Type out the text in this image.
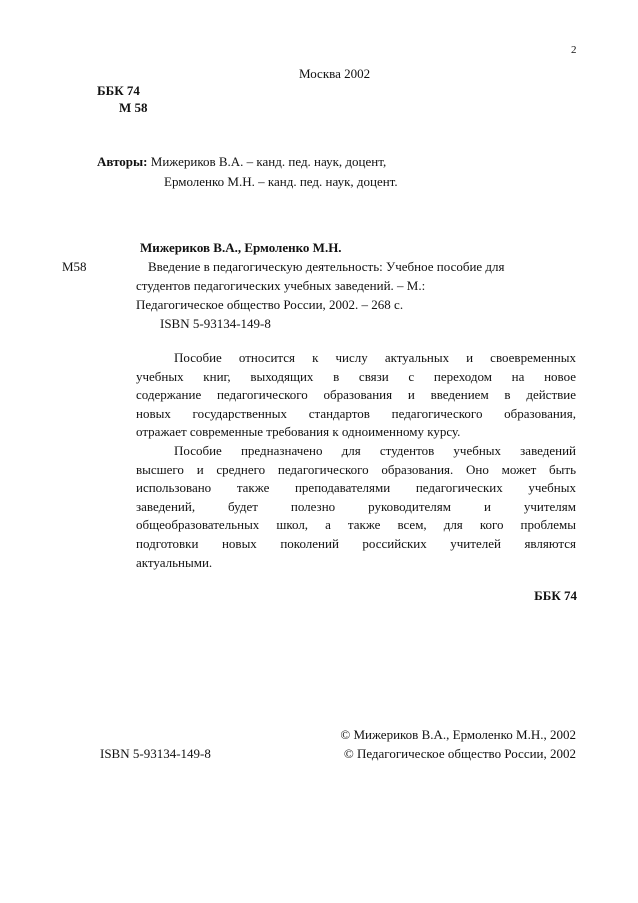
2
Москва 2002
ББК 74
М 58
Авторы: Мижериков В.А. – канд. пед. наук, доцент,
Ермоленко М.Н. – канд. пед. наук, доцент.
Мижериков В.А., Ермоленко М.Н.
М58	Введение в педагогическую деятельность: Учебное пособие для
студентов педагогических учебных заведений. – М.:
Педагогическое общество России, 2002. – 268 с.
ISBN 5-93134-149-8
Пособие относится к числу актуальных и своевременных
учебных книг, выходящих в связи с переходом на новое
содержание педагогического образования и введением в действие
новых государственных стандартов педагогического образования,
отражает современные требования к одноименному курсу.
Пособие предназначено для студентов учебных заведений
высшего и среднего педагогического образования. Оно может быть
использовано также преподавателями педагогических учебных
заведений, будет полезно руководителям и учителям
общеобразовательных школ, а также всем, для кого проблемы
подготовки новых поколений российских учителей являются
актуальными.
ББК 74
© Мижериков В.А., Ермоленко М.Н., 2002
ISBN 5-93134-149-8	© Педагогическое общество России, 2002
